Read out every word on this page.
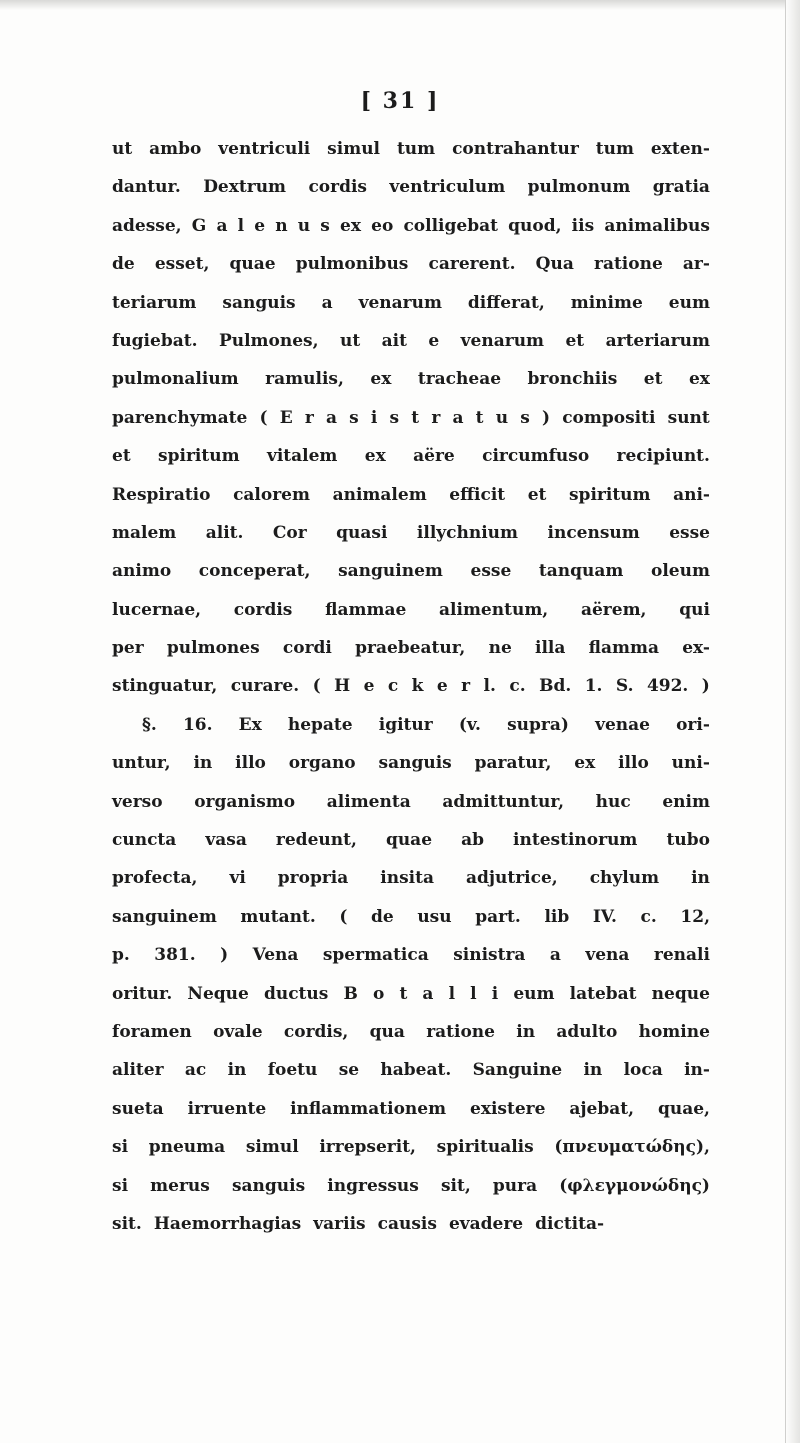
[ 31 ]
ut ambo ventriculi simul tum contrahantur tum exten-
dantur. Dextrum cordis ventriculum pulmonum gratia
adesse, G a l e n u s ex eo colligebat quod, iis animalibus
de esset, quae pulmonibus carerent. Qua ratione ar-
teriarum sanguis a venarum differat, minime eum
fugiebat. Pulmones, ut ait e venarum et arteriarum
pulmonalium ramulis, ex tracheae bronchiis et ex
parenchymate ( E r a s i s t r a t u s ) compositi sunt
et spiritum vitalem ex aëre circumfuso recipiunt.
Respiratio calorem animalem efficit et spiritum ani-
malem alit. Cor quasi illychnium incensum esse
animo conceperat, sanguinem esse tanquam oleum
lucernae, cordis flammae alimentum, aërem, qui
per pulmones cordi praebeatur, ne illa flamma ex-
stinguatur, curare. ( H e c k e r l. c. Bd. 1. S. 492. )
§. 16. Ex hepate igitur (v. supra) venae ori-
untur, in illo organo sanguis paratur, ex illo uni-
verso organismo alimenta admittuntur, huc enim
cuncta vasa redeunt, quae ab intestinorum tubo
profecta, vi propria insita adjutrice, chylum in
sanguinem mutant. ( de usu part. lib IV. c. 12,
p. 381. ) Vena spermatica sinistra a vena renali
oritur. Neque ductus B o t a l l i eum latebat neque
foramen ovale cordis, qua ratione in adulto homine
aliter ac in foetu se habeat. Sanguine in loca in-
sueta irruente inflammationem existere ajebat, quae,
si pneuma simul irrepserit, spiritualis (πνευματώδης),
si merus sanguis ingressus sit, pura (φλεγμονώδης)
sit. Haemorrhagias variis causis evadere dictita-
